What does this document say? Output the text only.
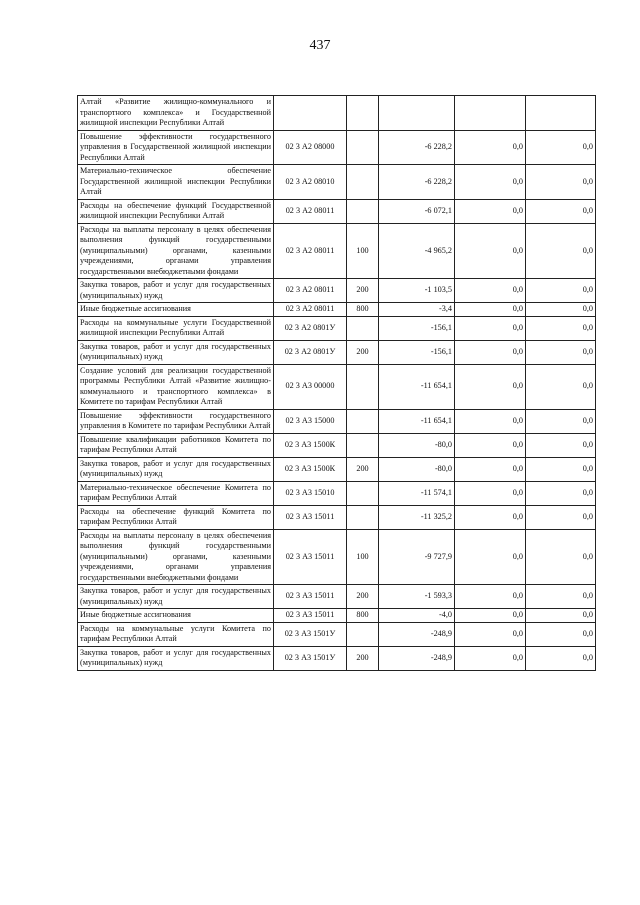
437
Алтай «Развитие жилищно-коммунального и транспортного комплекса» и Государственной жилищной инспекции Республики Алтай					
Повышение эффективности государственного управления в Государственной жилищной инспекции Республики Алтай	02 3 А2 08000		-6 228,2	0,0	0,0
Материально-техническое обеспечение Государственной жилищной инспекции Республики Алтай	02 3 А2 08010		-6 228,2	0,0	0,0
Расходы на обеспечение функций Государственной жилищной инспекции Республики Алтай	02 3 А2 08011		-6 072,1	0,0	0,0
Расходы на выплаты персоналу в целях обеспечения выполнения функций государственными (муниципальными) органами, казенными учреждениями, органами управления государственными внебюджетными фондами	02 3 А2 08011	100	-4 965,2	0,0	0,0
Закупка товаров, работ и услуг для государственных (муниципальных) нужд	02 3 А2 08011	200	-1 103,5	0,0	0,0
Иные бюджетные ассигнования	02 3 А2 08011	800	-3,4	0,0	0,0
Расходы на коммунальные услуги Государственной жилищной инспекции Республики Алтай	02 3 А2 0801У		-156,1	0,0	0,0
Закупка товаров, работ и услуг для государственных (муниципальных) нужд	02 3 А2 0801У	200	-156,1	0,0	0,0
Создание условий для реализации государственной программы Республики Алтай «Развитие жилищно-коммунального и транспортного комплекса» в Комитете по тарифам Республики Алтай	02 3 А3 00000		-11 654,1	0,0	0,0
Повышение эффективности государственного управления в Комитете по тарифам Республики Алтай	02 3 А3 15000		-11 654,1	0,0	0,0
Повышение квалификации работников Комитета по тарифам Республики Алтай	02 3 А3 1500К		-80,0	0,0	0,0
Закупка товаров, работ и услуг для государственных (муниципальных) нужд	02 3 А3 1500К	200	-80,0	0,0	0,0
Материально-техническое обеспечение Комитета по тарифам Республики Алтай	02 3 А3 15010		-11 574,1	0,0	0,0
Расходы на обеспечение функций Комитета по тарифам Республики Алтай	02 3 А3 15011		-11 325,2	0,0	0,0
Расходы на выплаты персоналу в целях обеспечения выполнения функций государственными (муниципальными) органами, казенными учреждениями, органами управления государственными внебюджетными фондами	02 3 А3 15011	100	-9 727,9	0,0	0,0
Закупка товаров, работ и услуг для государственных (муниципальных) нужд	02 3 А3 15011	200	-1 593,3	0,0	0,0
Иные бюджетные ассигнования	02 3 А3 15011	800	-4,0	0,0	0,0
Расходы на коммунальные услуги Комитета по тарифам Республики Алтай	02 3 А3 1501У		-248,9	0,0	0,0
Закупка товаров, работ и услуг для государственных (муниципальных) нужд	02 3 А3 1501У	200	-248,9	0,0	0,0
